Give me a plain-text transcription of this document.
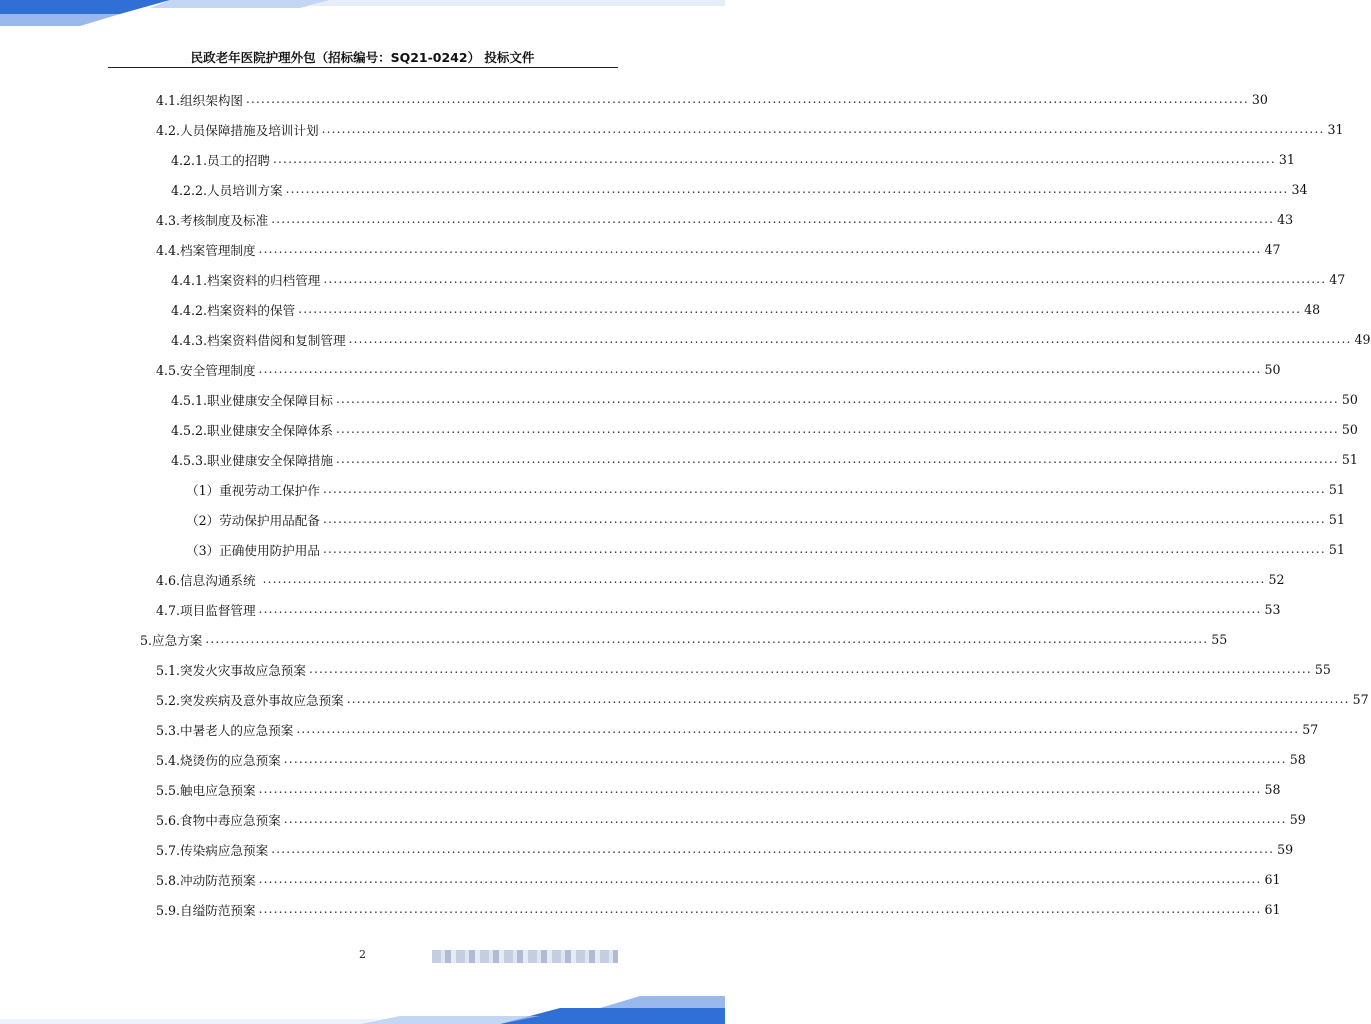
民政老年医院护理外包（招标编号：SQ21-0242） 投标文件
4.1.组织架构图 ........................................................................................................................................................................................................ 30
4.2.人员保障措施及培训计划 ........................................................................................................................................................................................................ 31
4.2.1.员工的招聘 ........................................................................................................................................................................................................ 31
4.2.2.人员培训方案 ........................................................................................................................................................................................................ 34
4.3.考核制度及标准 ........................................................................................................................................................................................................ 43
4.4.档案管理制度 ........................................................................................................................................................................................................ 47
4.4.1.档案资料的归档管理 ........................................................................................................................................................................................................ 47
4.4.2.档案资料的保管 ........................................................................................................................................................................................................ 48
4.4.3.档案资料借阅和复制管理 ........................................................................................................................................................................................................ 49
4.5.安全管理制度 ........................................................................................................................................................................................................ 50
4.5.1.职业健康安全保障目标 ........................................................................................................................................................................................................ 50
4.5.2.职业健康安全保障体系 ........................................................................................................................................................................................................ 50
4.5.3.职业健康安全保障措施 ........................................................................................................................................................................................................ 51
（1）重视劳动工保护作 ........................................................................................................................................................................................................ 51
（2）劳动保护用品配备 ........................................................................................................................................................................................................ 51
（3）正确使用防护用品 ........................................................................................................................................................................................................ 51
4.6.信息沟通系统 ........................................................................................................................................................................................................ 52
4.7.项目监督管理 ........................................................................................................................................................................................................ 53
5.应急方案 ........................................................................................................................................................................................................ 55
5.1.突发火灾事故应急预案 ........................................................................................................................................................................................................ 55
5.2.突发疾病及意外事故应急预案 ........................................................................................................................................................................................................ 57
5.3.中暑老人的应急预案 ........................................................................................................................................................................................................ 57
5.4.烧烫伤的应急预案 ........................................................................................................................................................................................................ 58
5.5.触电应急预案 ........................................................................................................................................................................................................ 58
5.6.食物中毒应急预案 ........................................................................................................................................................................................................ 59
5.7.传染病应急预案 ........................................................................................................................................................................................................ 59
5.8.冲动防范预案 ........................................................................................................................................................................................................ 61
5.9.自缢防范预案 ........................................................................................................................................................................................................ 61
2
